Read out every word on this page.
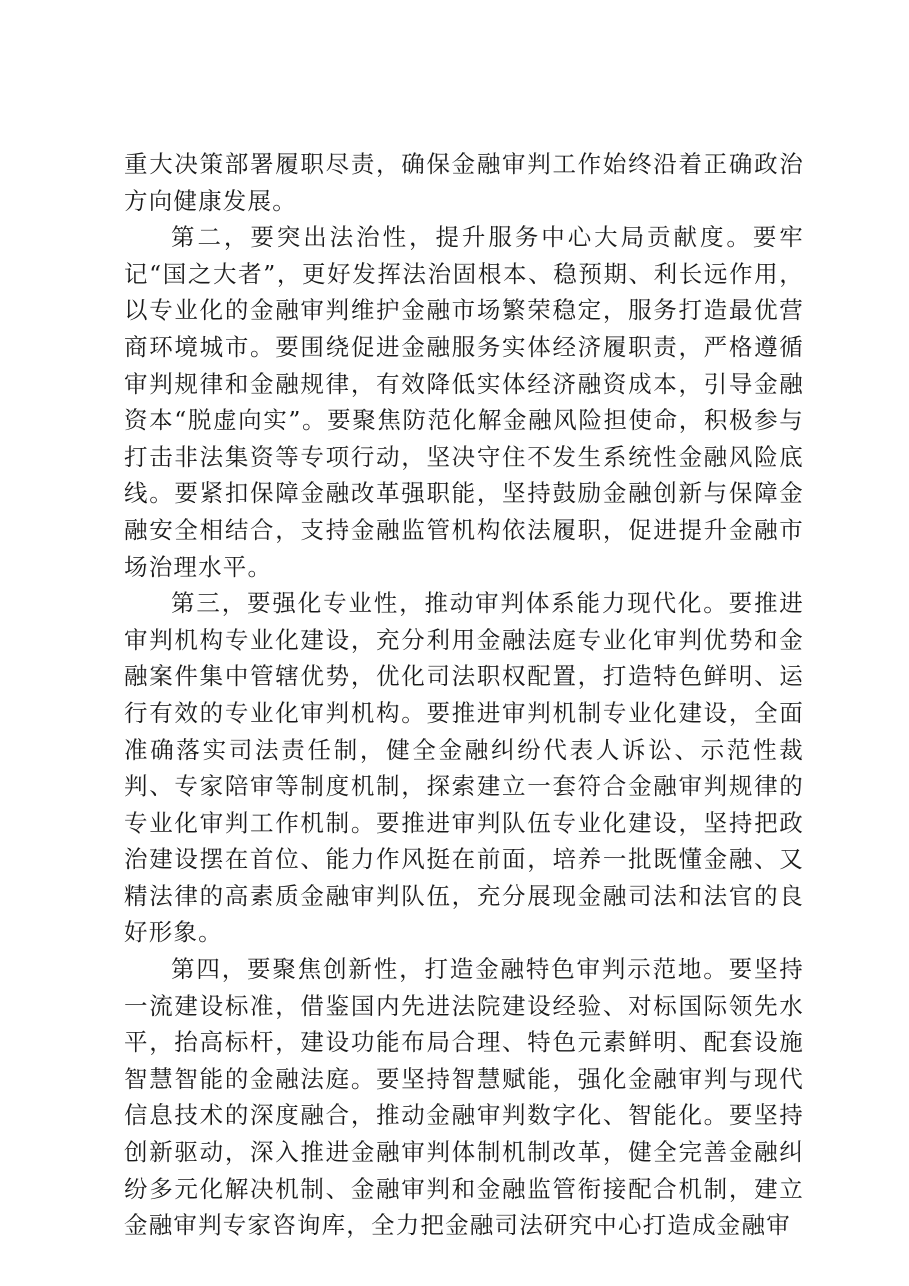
重大决策部署履职尽责，确保金融审判工作始终沿着正确政治方向健康发展。

第二，要突出法治性，提升服务中心大局贡献度。要牢记“国之大者”，更好发挥法治固根本、稳预期、利长远作用，以专业化的金融审判维护金融市场繁荣稳定，服务打造最优营商环境城市。要围绕促进金融服务实体经济履职责，严格遵循审判规律和金融规律，有效降低实体经济融资成本，引导金融资本“脱虚向实”。要聚焦防范化解金融风险担使命，积极参与打击非法集资等专项行动，坚决守住不发生系统性金融风险底线。要紧扣保障金融改革强职能，坚持鼓励金融创新与保障金融安全相结合，支持金融监管机构依法履职，促进提升金融市场治理水平。

第三，要强化专业性，推动审判体系能力现代化。要推进审判机构专业化建设，充分利用金融法庭专业化审判优势和金融案件集中管辖优势，优化司法职权配置，打造特色鲜明、运行有效的专业化审判机构。要推进审判机制专业化建设，全面准确落实司法责任制，健全金融纠纷代表人诉讼、示范性裁判、专家陪审等制度机制，探索建立一套符合金融审判规律的专业化审判工作机制。要推进审判队伍专业化建设，坚持把政治建设摆在首位、能力作风挺在前面，培养一批既懂金融、又精法律的高素质金融审判队伍，充分展现金融司法和法官的良好形象。

第四，要聚焦创新性，打造金融特色审判示范地。要坚持一流建设标准，借鉴国内先进法院建设经验、对标国际领先水平，抬高标杆，建设功能布局合理、特色元素鲜明、配套设施智慧智能的金融法庭。要坚持智慧赋能，强化金融审判与现代信息技术的深度融合，推动金融审判数字化、智能化。要坚持创新驱动，深入推进金融审判体制机制改革，健全完善金融纠纷多元化解决机制、金融审判和金融监管衔接配合机制，建立金融审判专家咨询库，全力把金融司法研究中心打造成金融审
